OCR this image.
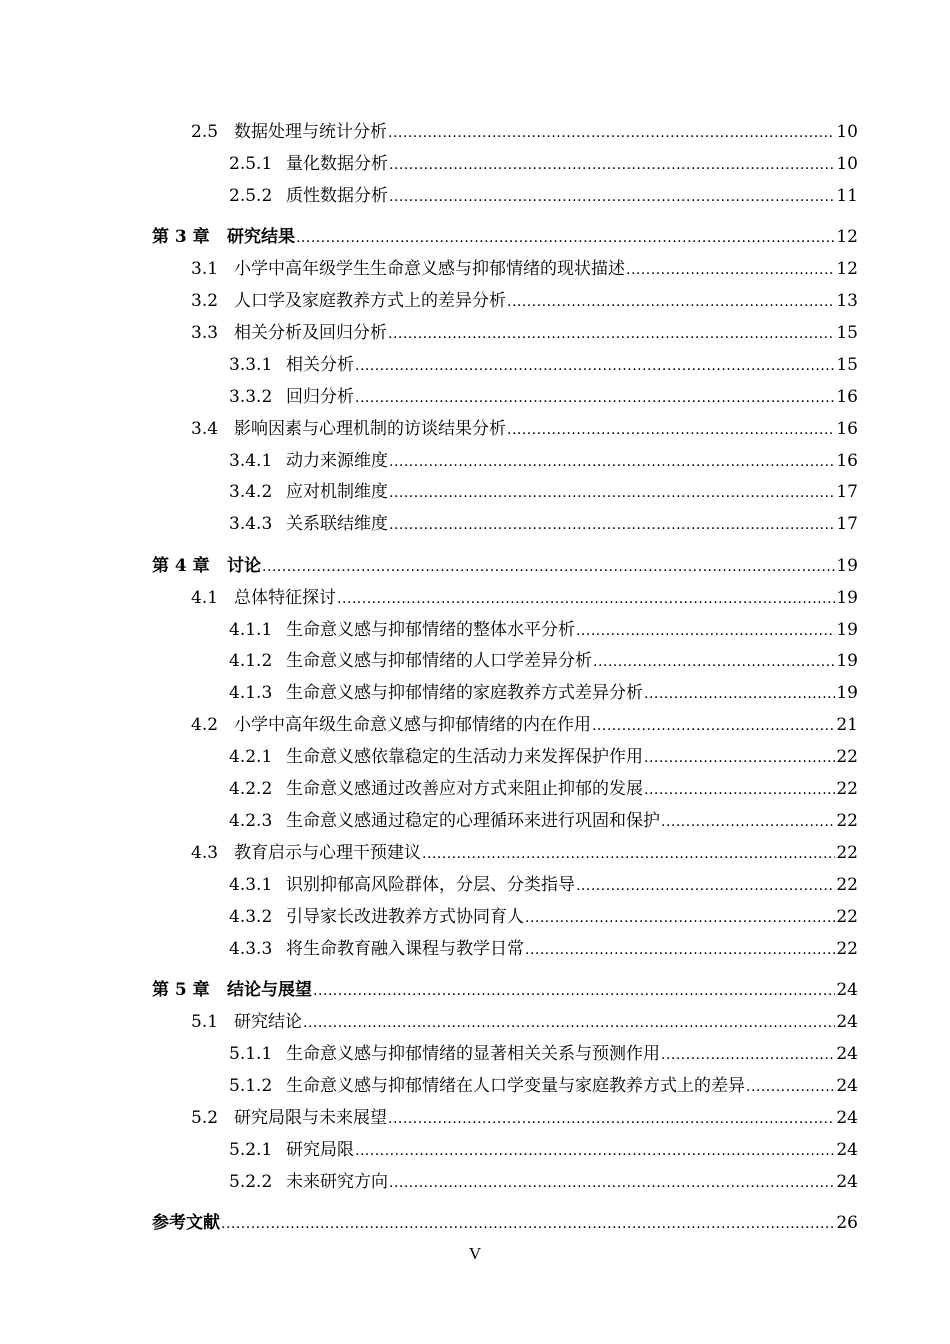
2.5 数据处理与统计分析 .....	10
2.5.1 量化数据分析 .....	10
2.5.2 质性数据分析 .....	11
第 3 章	研究结果 .....	12
3.1 小学中高年级学生生命意义感与抑郁情绪的现状描述 .....	12
3.2 人口学及家庭教养方式上的差异分析 .....	13
3.3 相关分析及回归分析 .....	15
3.3.1 相关分析 .....	15
3.3.2 回归分析 .....	16
3.4 影响因素与心理机制的访谈结果分析 .....	16
3.4.1 动力来源维度 .....	16
3.4.2 应对机制维度 .....	17
3.4.3 关系联结维度 .....	17
第 4 章	讨论 .....	19
4.1 总体特征探讨 .....	19
4.1.1 生命意义感与抑郁情绪的整体水平分析 .....	19
4.1.2 生命意义感与抑郁情绪的人口学差异分析 .....	19
4.1.3 生命意义感与抑郁情绪的家庭教养方式差异分析 .....	19
4.2 小学中高年级生命意义感与抑郁情绪的内在作用 .....	21
4.2.1 生命意义感依靠稳定的生活动力来发挥保护作用 .....	22
4.2.2 生命意义感通过改善应对方式来阻止抑郁的发展 .....	22
4.2.3 生命意义感通过稳定的心理循环来进行巩固和保护 .....	22
4.3 教育启示与心理干预建议 .....	22
4.3.1 识别抑郁高风险群体，分层、分类指导 .....	22
4.3.2 引导家长改进教养方式协同育人 .....	22
4.3.3 将生命教育融入课程与教学日常 .....	22
第 5 章	结论与展望 .....	24
5.1 研究结论 .....	24
5.1.1 生命意义感与抑郁情绪的显著相关关系与预测作用 .....	24
5.1.2 生命意义感与抑郁情绪在人口学变量与家庭教养方式上的差异 .....	24
5.2 研究局限与未来展望 .....	24
5.2.1 研究局限 .....	24
5.2.2 未来研究方向 .....	24
参考文献 .....	26
V
